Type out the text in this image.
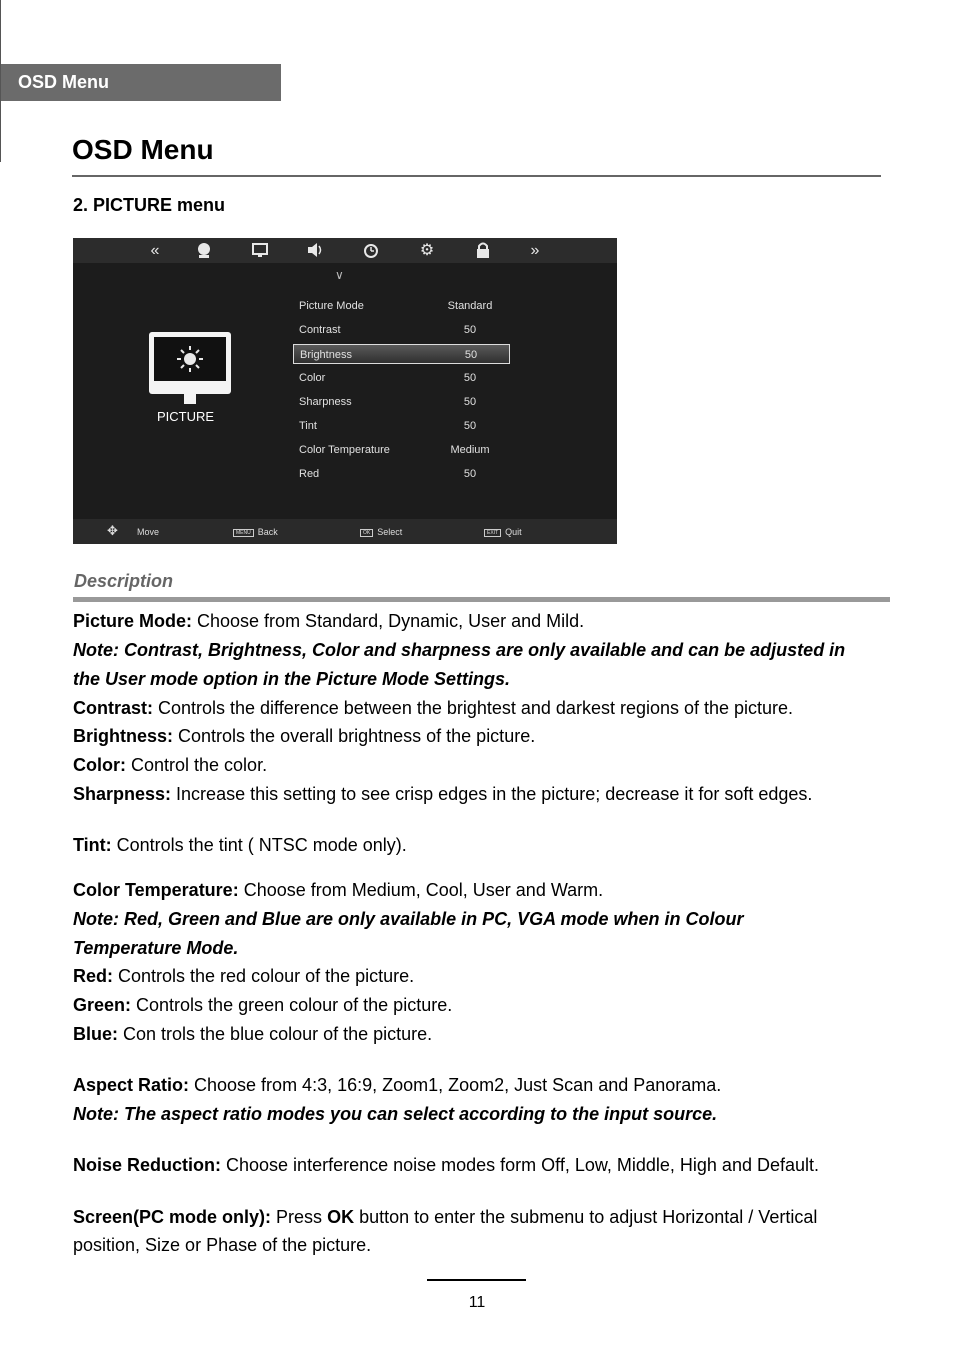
OSD Menu
OSD Menu
2. PICTURE menu
«	⚙	»
∨
PICTURE
Picture Mode	Standard
Contrast	50
Brightness	50
Color	50
Sharpness	50
Tint	50
Color Temperature	Medium
Red	50
✥ Move	MENU Back	OK Select	EXIT Quit
Description
Picture Mode: Choose from Standard, Dynamic, User and Mild.
Note: Contrast, Brightness, Color and sharpness are only available and can be adjusted in
the User mode option in the Picture Mode Settings.
Contrast: Controls the difference between the brightest and darkest regions of the picture.
Brightness: Controls the overall brightness of the picture.
Color: Control the color.
Sharpness: Increase this setting to see crisp edges in the picture; decrease it for soft edges.
Tint: Controls the tint ( NTSC mode only).
Color Temperature: Choose from Medium, Cool, User and Warm.
Note: Red, Green and Blue are only available in PC, VGA mode when in Colour
Temperature Mode.
Red: Controls the red colour of the picture.
Green: Controls the green colour of the picture.
Blue: Con trols the blue colour of the picture.
Aspect Ratio: Choose from 4:3, 16:9, Zoom1, Zoom2, Just Scan and Panorama.
Note: The aspect ratio modes you can select according to the input source.
Noise Reduction: Choose interference noise modes form Off, Low, Middle, High and Default.
Screen(PC mode only): Press OK button to enter the submenu to adjust Horizontal / Vertical
position, Size or Phase of the picture.
11
